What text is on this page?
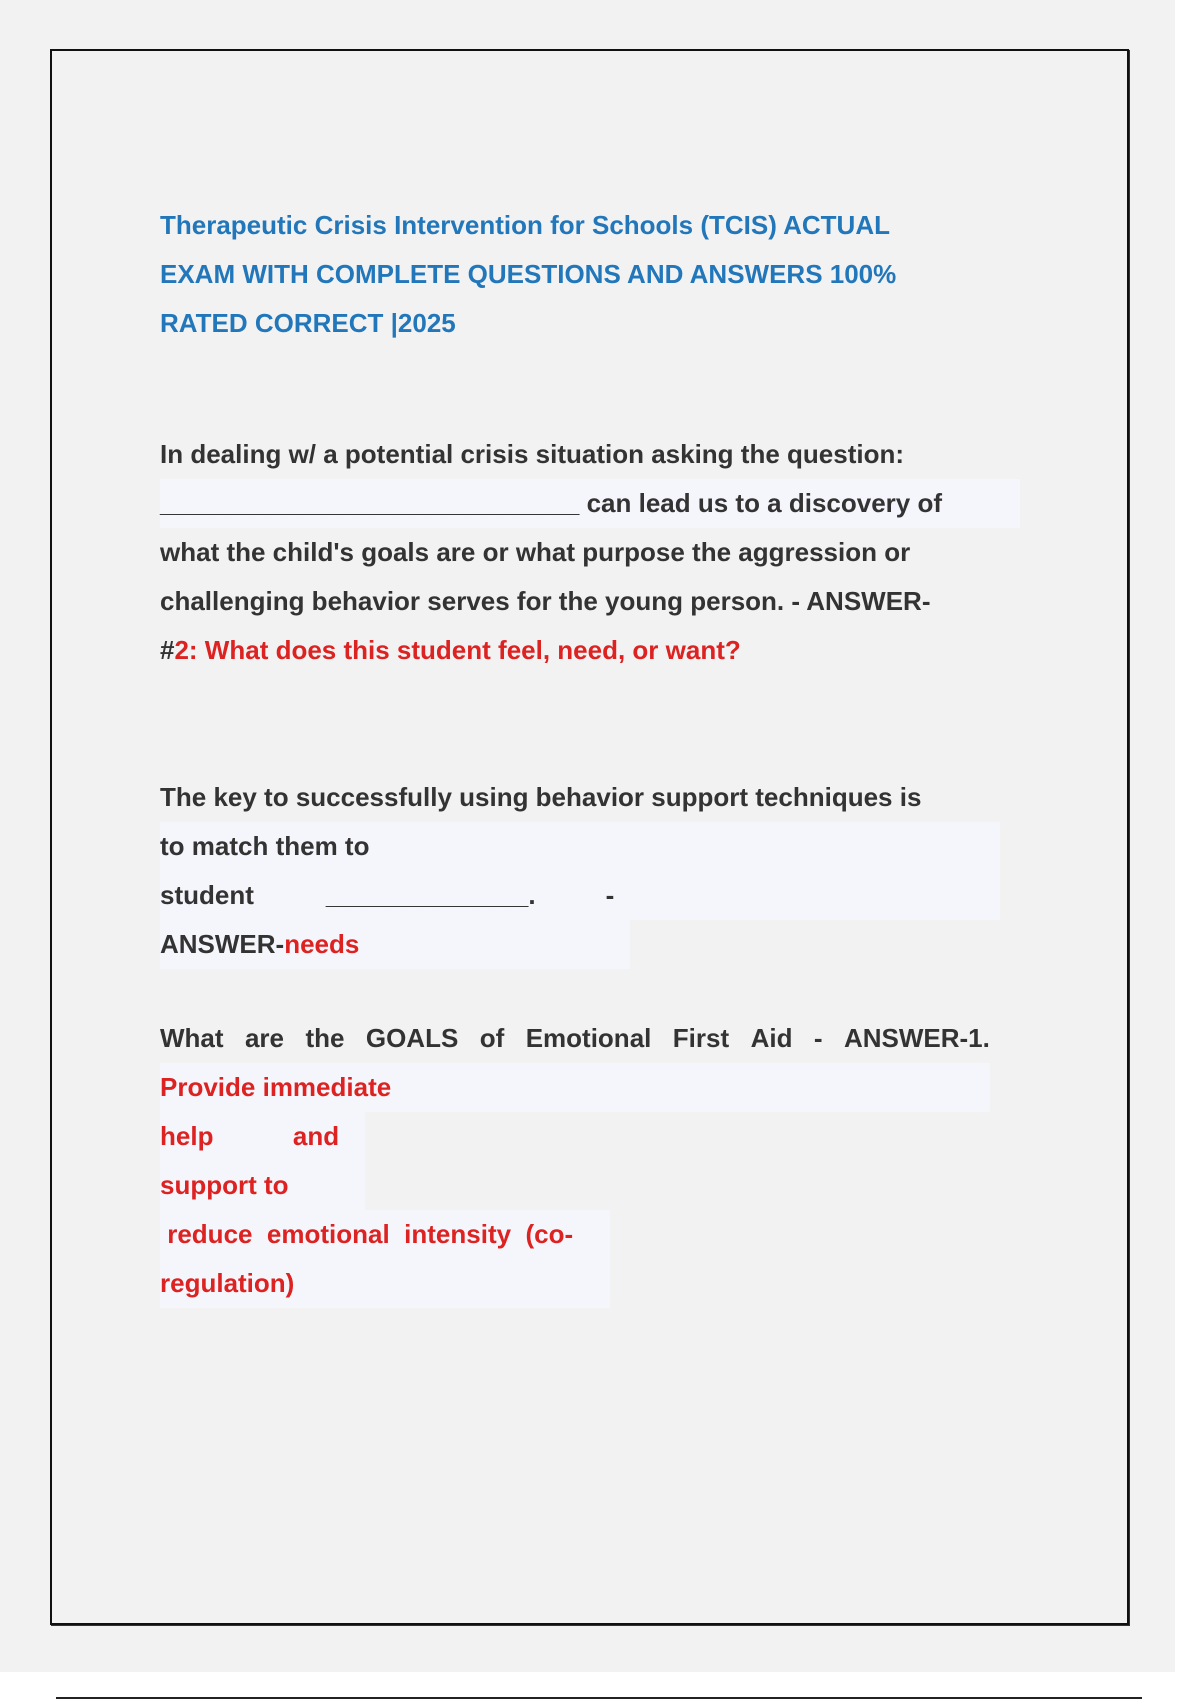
Therapeutic Crisis Intervention for Schools (TCIS) ACTUAL
EXAM WITH COMPLETE QUESTIONS AND ANSWERS 100%
RATED CORRECT |2025
In dealing w/ a potential crisis situation asking the question:
_____________________________ can lead us to a discovery of
what the child's goals are or what purpose the aggression or
challenging behavior serves for the young person. - ANSWER-
#2: What does this student feel, need, or want?
The key to successfully using behavior support techniques is
to match them to
student	______________.	-
ANSWER-needs
What are the GOALS of Emotional First Aid - ANSWER-1.
Provide immediate
help           and
support to
reduce  emotional  intensity  (co-
regulation)
